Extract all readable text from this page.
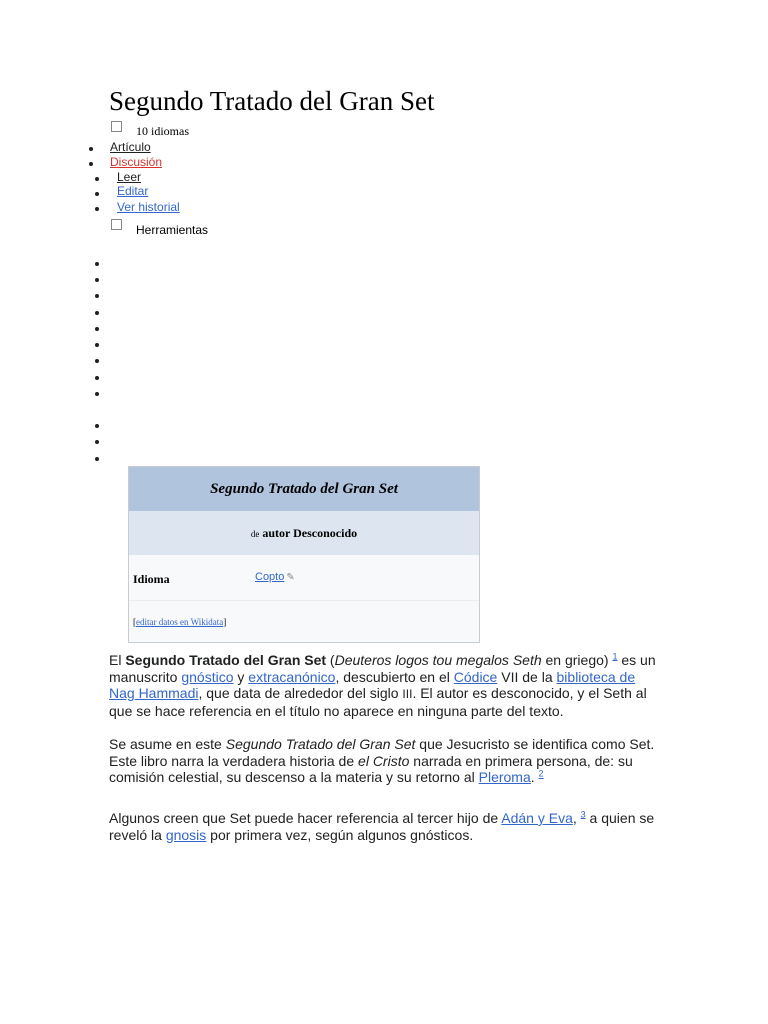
Segundo Tratado del Gran Set
10 idiomas
Artículo
Discusión
Leer
Editar
Ver historial
Herramientas
Segundo Tratado del Gran Set
de autor Desconocido
Idioma	Copto ✎
[editar datos en Wikidata]

El Segundo Tratado del Gran Set (Deuteros logos tou megalos Seth en griego) $^1$ es un manuscrito gnóstico y extracanónico, descubierto en el Códice VII de la biblioteca de Nag Hammadi, que data de alrededor del siglo III. El autor es desconocido, y el Seth al que se hace referencia en el título no aparece en ninguna parte del texto.

Se asume en este Segundo Tratado del Gran Set que Jesucristo se identifica como Set. Este libro narra la verdadera historia de el Cristo narrada en primera persona, de: su comisión celestial, su descenso a la materia y su retorno al Pleroma. $^2$

Algunos creen que Set puede hacer referencia al tercer hijo de Adán y Eva, $^3$ a quien se reveló la gnosis por primera vez, según algunos gnósticos.
